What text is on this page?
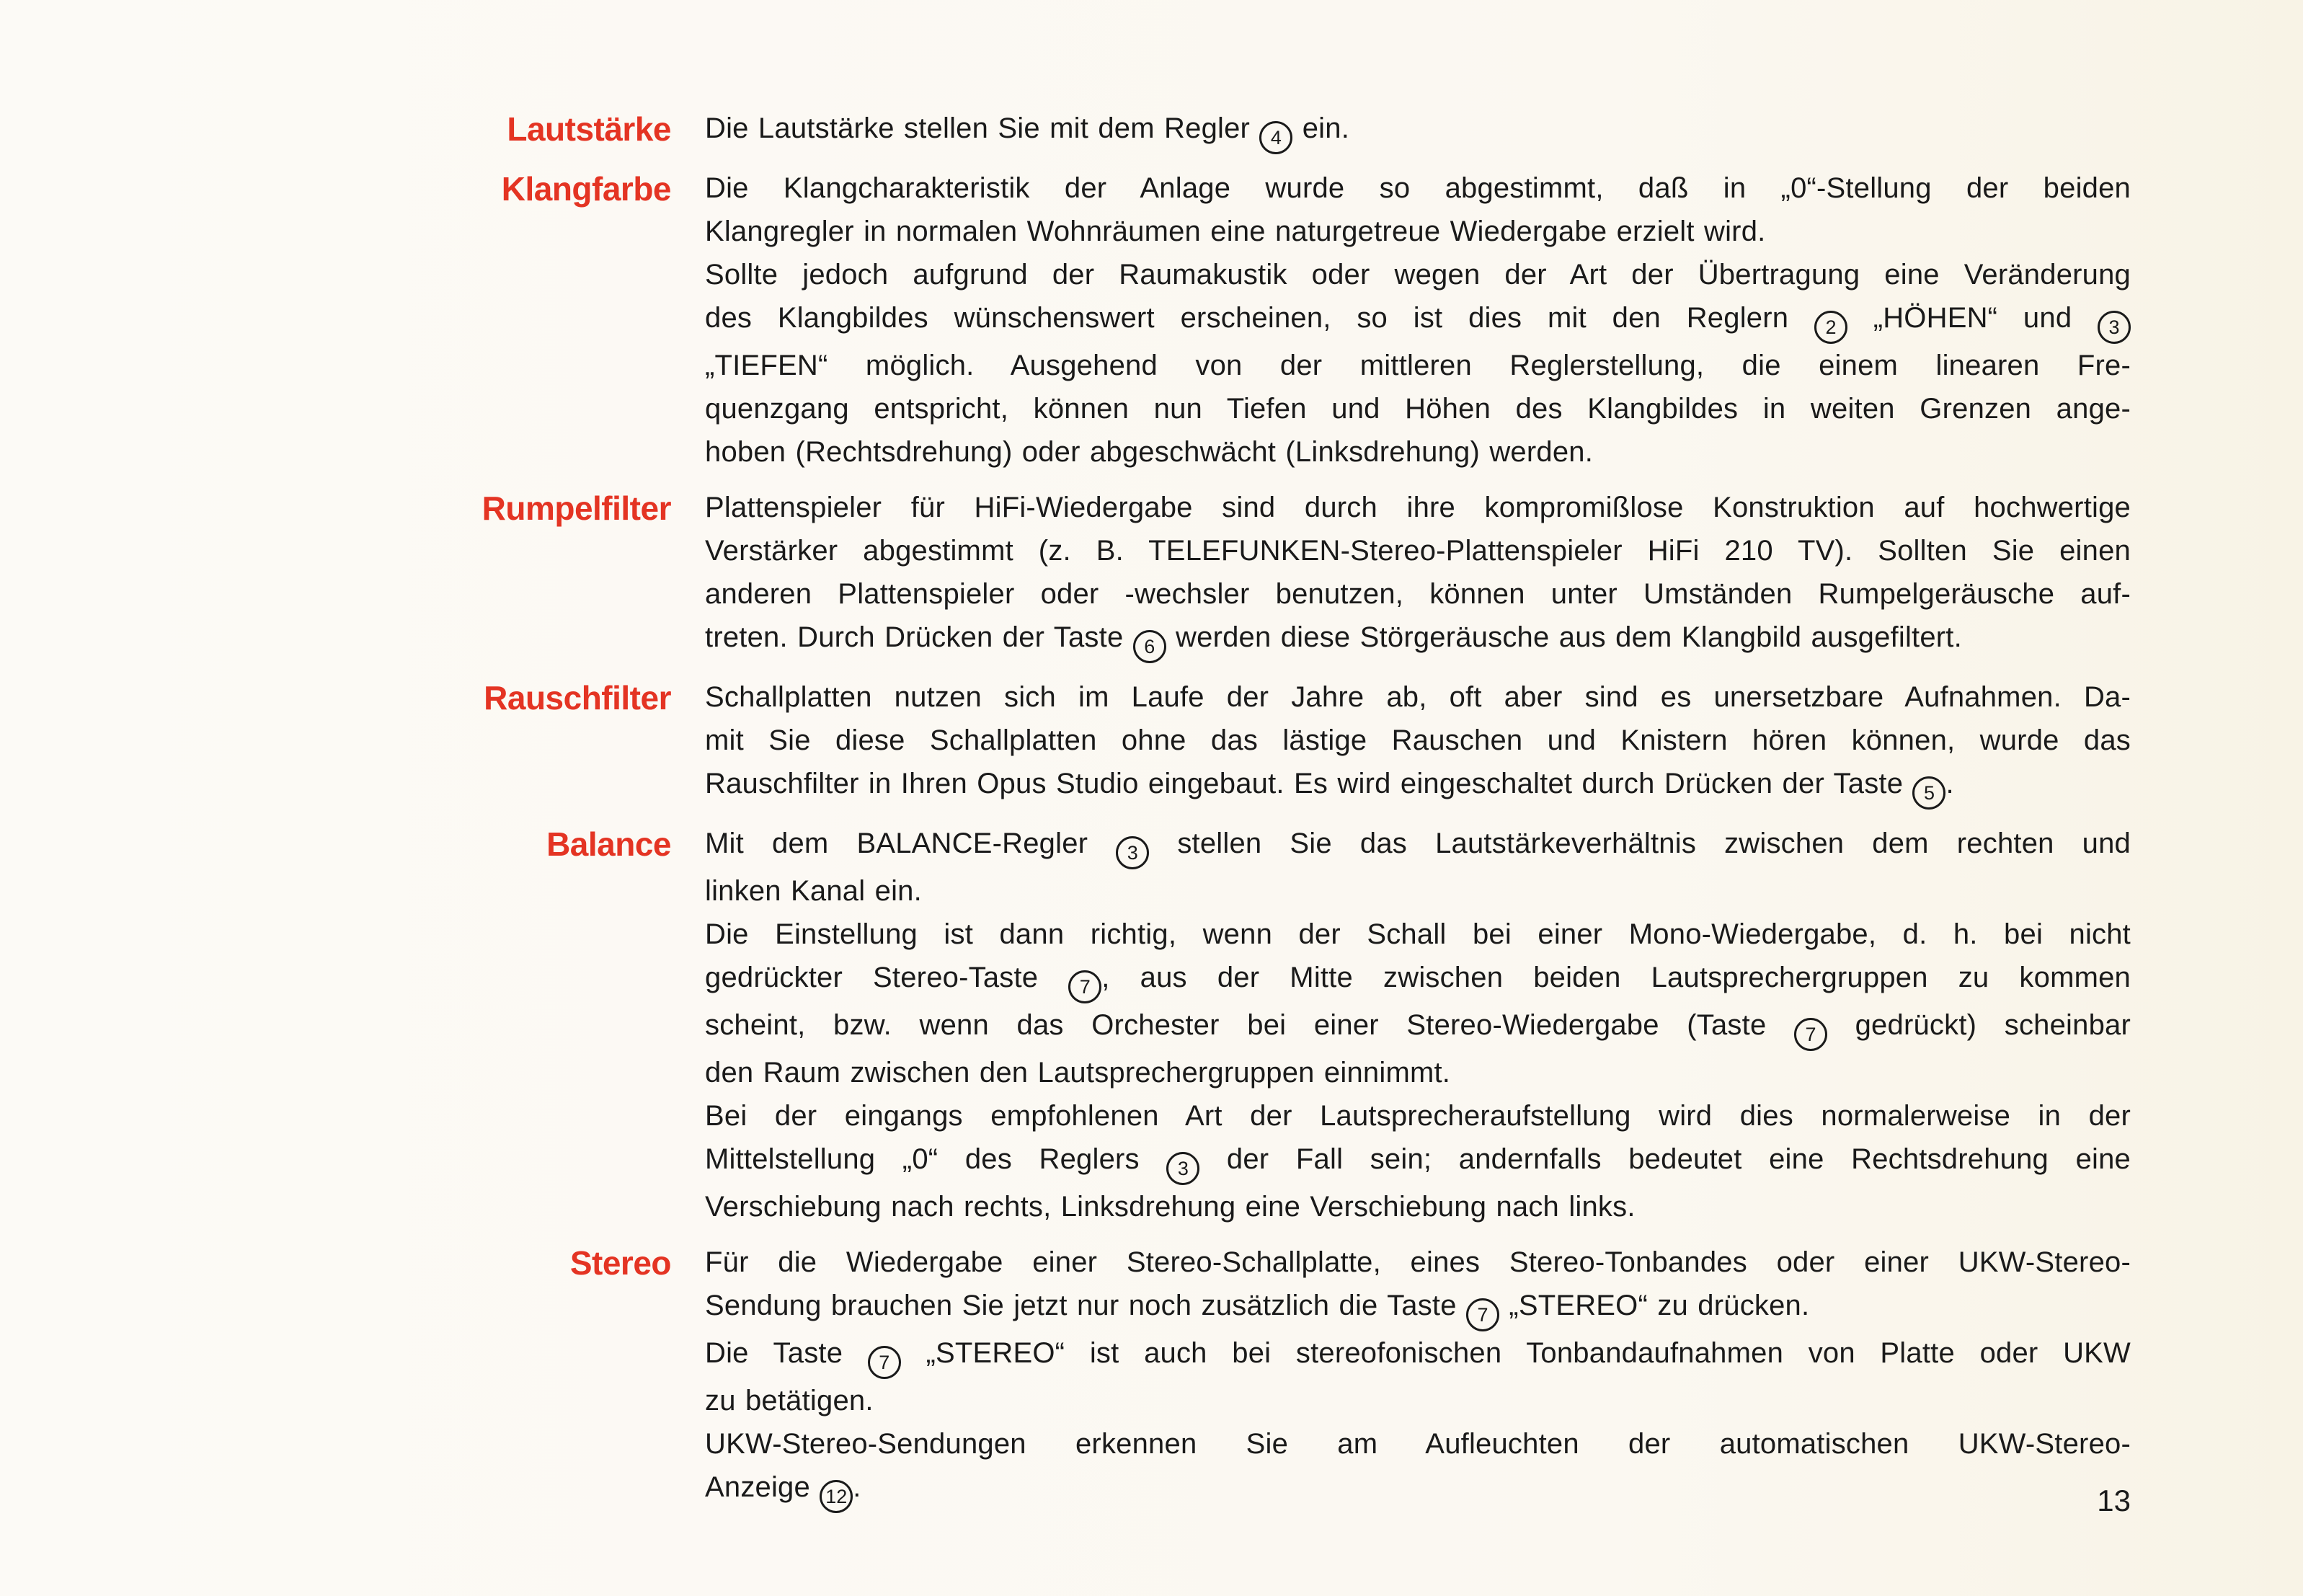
Lautstärke Die Lautstärke stellen Sie mit dem Regler 4 ein.
Klangfarbe Die Klangcharakteristik der Anlage wurde so abgestimmt, daß in „0“-Stellung der beiden
Klangregler in normalen Wohnräumen eine naturgetreue Wiedergabe erzielt wird.
Sollte jedoch aufgrund der Raumakustik oder wegen der Art der Übertragung eine Veränderung
des Klangbildes wünschenswert erscheinen, so ist dies mit den Reglern 2 „HÖHEN“ und 3
„TIEFEN“ möglich. Ausgehend von der mittleren Reglerstellung, die einem linearen Fre-
quenzgang entspricht, können nun Tiefen und Höhen des Klangbildes in weiten Grenzen ange-
hoben (Rechtsdrehung) oder abgeschwächt (Linksdrehung) werden.
Rumpelfilter Plattenspieler für HiFi-Wiedergabe sind durch ihre kompromißlose Konstruktion auf hochwertige
Verstärker abgestimmt (z. B. TELEFUNKEN-Stereo-Plattenspieler HiFi 210 TV). Sollten Sie einen
anderen Plattenspieler oder -wechsler benutzen, können unter Umständen Rumpelgeräusche auf-
treten. Durch Drücken der Taste 6 werden diese Störgeräusche aus dem Klangbild ausgefiltert.
Rauschfilter Schallplatten nutzen sich im Laufe der Jahre ab, oft aber sind es unersetzbare Aufnahmen. Da-
mit Sie diese Schallplatten ohne das lästige Rauschen und Knistern hören können, wurde das
Rauschfilter in Ihren Opus Studio eingebaut. Es wird eingeschaltet durch Drücken der Taste 5 .
Balance Mit dem BALANCE-Regler 3 stellen Sie das Lautstärkeverhältnis zwischen dem rechten und
linken Kanal ein.
Die Einstellung ist dann richtig, wenn der Schall bei einer Mono-Wiedergabe, d. h. bei nicht
gedrückter Stereo-Taste 7 , aus der Mitte zwischen beiden Lautsprechergruppen zu kommen
scheint, bzw. wenn das Orchester bei einer Stereo-Wiedergabe (Taste 7 gedrückt) scheinbar
den Raum zwischen den Lautsprechergruppen einnimmt.
Bei der eingangs empfohlenen Art der Lautsprecheraufstellung wird dies normalerweise in der
Mittelstellung „0“ des Reglers 3 der Fall sein; andernfalls bedeutet eine Rechtsdrehung eine
Verschiebung nach rechts, Linksdrehung eine Verschiebung nach links.
Stereo Für die Wiedergabe einer Stereo-Schallplatte, eines Stereo-Tonbandes oder einer UKW-Stereo-
Sendung brauchen Sie jetzt nur noch zusätzlich die Taste 7 „STEREO“ zu drücken.
Die Taste 7 „STEREO“ ist auch bei stereofonischen Tonbandaufnahmen von Platte oder UKW
zu betätigen.
UKW-Stereo-Sendungen erkennen Sie am Aufleuchten der automatischen UKW-Stereo-
Anzeige 12 .	13
